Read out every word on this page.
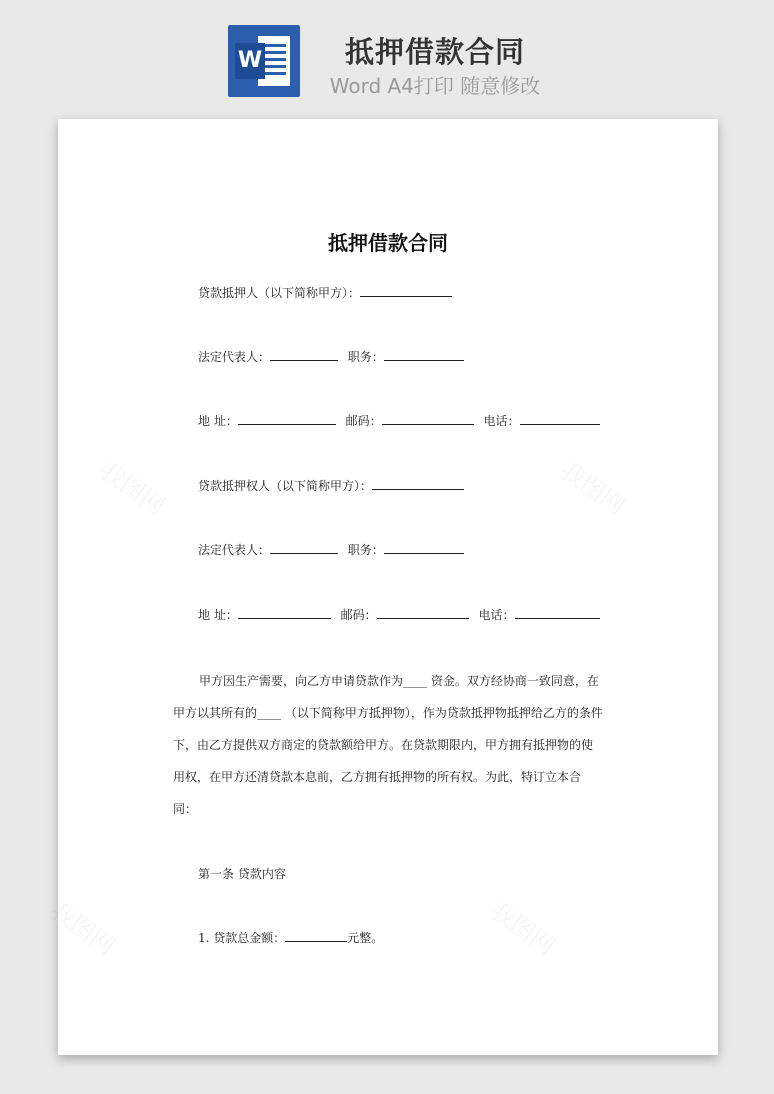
W	抵押借款合同
Word A4打印 随意修改
抵押借款合同
贷款抵押人（以下简称甲方）：
法定代表人：	职务：
地 址：	邮码：	电话：
贷款抵押权人（以下简称甲方）：
法定代表人：	职务：
地 址：	邮码：	电话：
甲方因生产需要，向乙方申请贷款作为____ 资金。双方经协商一致同意，在甲方以其所有的____ （以下简称甲方抵押物），作为贷款抵押物抵押给乙方的条件下，由乙方提供双方商定的贷款额给甲方。在贷款期限内，甲方拥有抵押物的使用权，在甲方还清贷款本息前，乙方拥有抵押物的所有权。为此，特订立本合同：
第一条 贷款内容
1. 贷款总金额：	元整。
